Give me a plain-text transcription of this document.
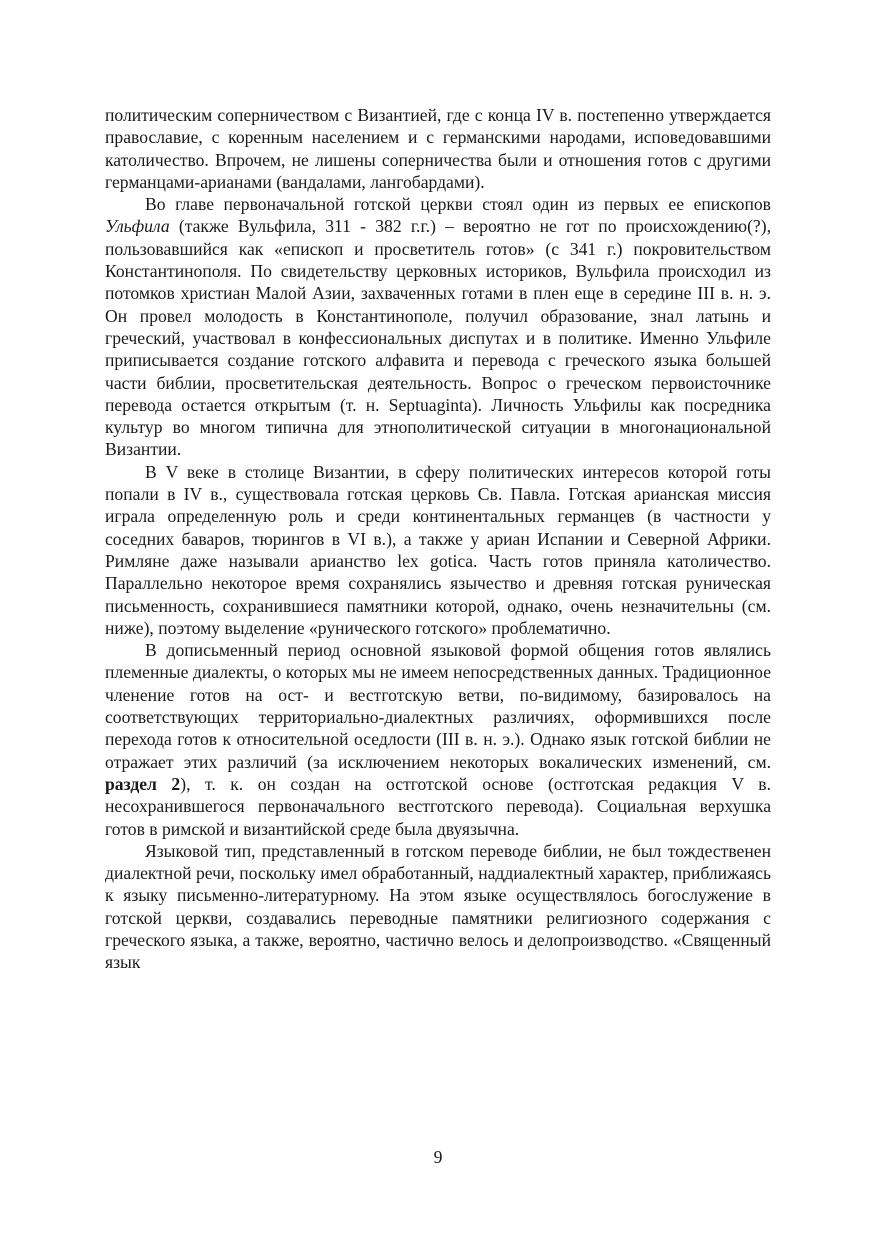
политическим соперничеством с Византией, где с конца IV в. постепенно утверждается православие, с коренным населением и с германскими народами, исповедовавшими католичество. Впрочем, не лишены соперничества были и отношения готов с другими германцами-арианами (вандалами, лангобардами).

Во главе первоначальной готской церкви стоял один из первых ее епископов Ульфила (также Вульфила, 311 - 382 г.г.) – вероятно не гот по происхождению(?), пользовавшийся как «епископ и просветитель готов» (с 341 г.) покровительством Константинополя. По свидетельству церковных историков, Вульфила происходил из потомков христиан Малой Азии, захваченных готами в плен еще в середине III в. н. э. Он провел молодость в Константинополе, получил образование, знал латынь и греческий, участвовал в конфессиональных диспутах и в политике. Именно Ульфиле приписывается создание готского алфавита и перевода с греческого языка большей части библии, просветительская деятельность. Вопрос о греческом первоисточнике перевода остается открытым (т. н. Septuaginta). Личность Ульфилы как посредника культур во многом типична для этнополитической ситуации в многонациональной Византии.

В V веке в столице Византии, в сферу политических интересов которой готы попали в IV в., существовала готская церковь Св. Павла. Готская арианская миссия играла определенную роль и среди континентальных германцев (в частности у соседних баваров, тюрингов в VI в.), а также у ариан Испании и Северной Африки. Римляне даже называли арианство lex gotica. Часть готов приняла католичество. Параллельно некоторое время сохранялись язычество и древняя готская руническая письменность, сохранившиеся памятники которой, однако, очень незначительны (см. ниже), поэтому выделение «рунического готского» проблематично.

В дописьменный период основной языковой формой общения готов являлись племенные диалекты, о которых мы не имеем непосредственных данных. Традиционное членение готов на ост- и вестготскую ветви, по-видимому, базировалось на соответствующих территориально-диалектных различиях, оформившихся после перехода готов к относительной оседлости (III в. н. э.). Однако язык готской библии не отражает этих различий (за исключением некоторых вокалических изменений, см. раздел 2), т. к. он создан на остготской основе (остготская редакция V в. несохранившегося первоначального вестготского перевода). Социальная верхушка готов в римской и византийской среде была двуязычна.

Языковой тип, представленный в готском переводе библии, не был тождественен диалектной речи, поскольку имел обработанный, наддиалектный характер, приближаясь к языку письменно-литературному. На этом языке осуществлялось богослужение в готской церкви, создавались переводные памятники религиозного содержания с греческого языка, а также, вероятно, частично велось и делопроизводство. «Священный язык

9
